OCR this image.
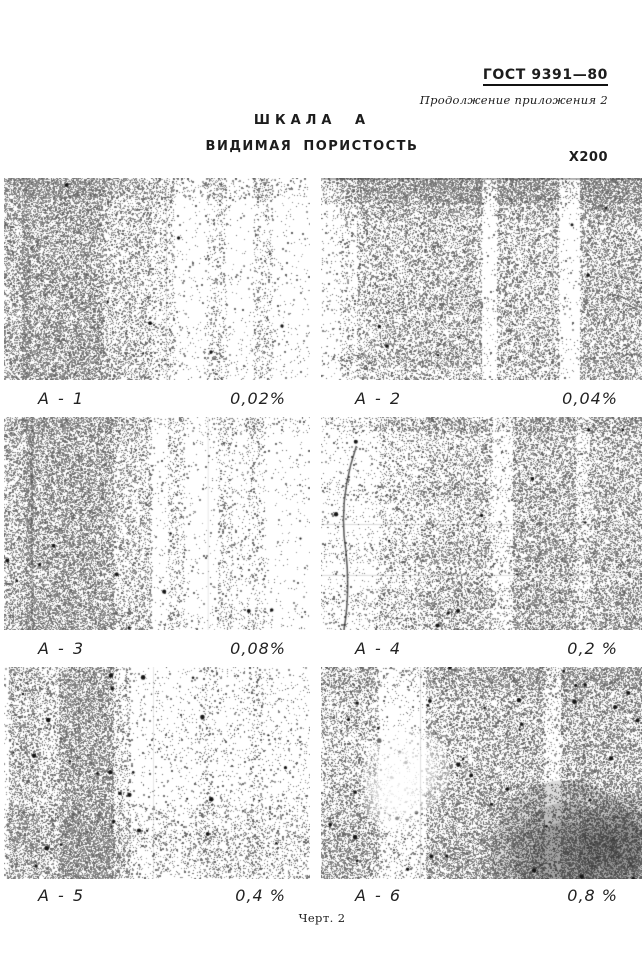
ГОСТ 9391—80
Продолжение приложения 2
ШКАЛА А
ВИДИМАЯ ПОРИСТОСТЬ
X200
А - 1	0,02%	А - 2	0,04%
А - 3	0,08%	А - 4	0,2 %
А - 5	0,4 %	А - 6	0,8 %
Черт. 2
